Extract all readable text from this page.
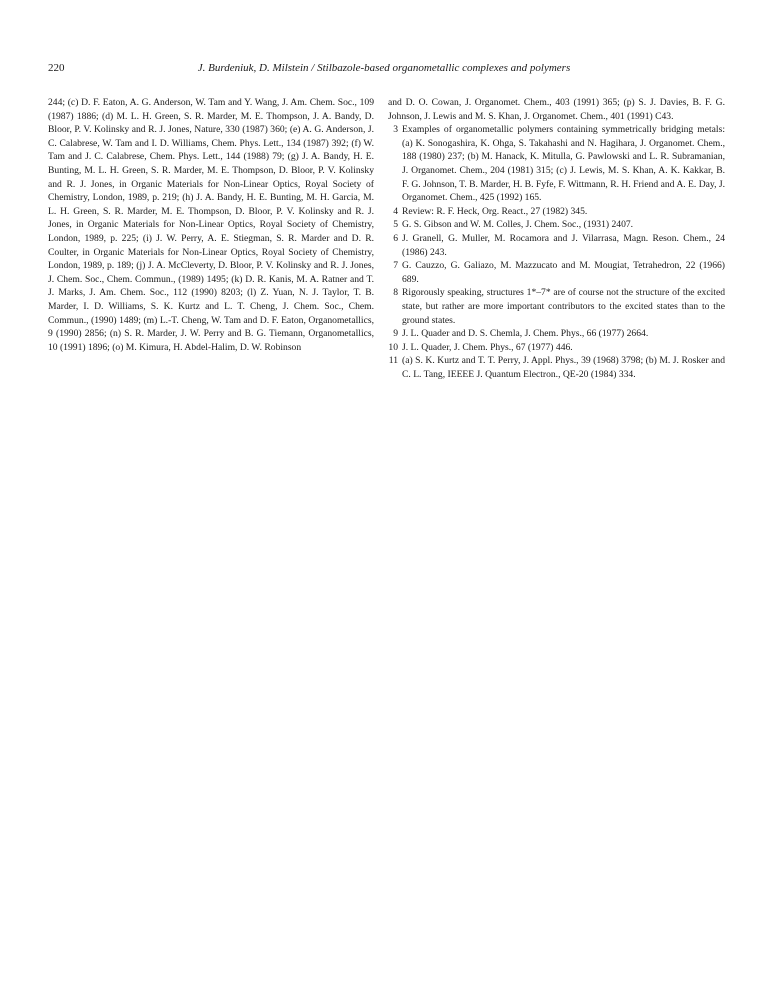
220	J. Burdeniuk, D. Milstein / Stilbazole-based organometallic complexes and polymers
244; (c) D. F. Eaton, A. G. Anderson, W. Tam and Y. Wang, J. Am. Chem. Soc., 109 (1987) 1886; (d) M. L. H. Green, S. R. Marder, M. E. Thompson, J. A. Bandy, D. Bloor, P. V. Kolinsky and R. J. Jones, Nature, 330 (1987) 360; (e) A. G. Anderson, J. C. Calabrese, W. Tam and I. D. Williams, Chem. Phys. Lett., 134 (1987) 392; (f) W. Tam and J. C. Calabrese, Chem. Phys. Lett., 144 (1988) 79; (g) J. A. Bandy, H. E. Bunting, M. L. H. Green, S. R. Marder, M. E. Thompson, D. Bloor, P. V. Kolinsky and R. J. Jones, in Organic Materials for Non-Linear Optics, Royal Society of Chemistry, London, 1989, p. 219; (h) J. A. Bandy, H. E. Bunting, M. H. Garcia, M. L. H. Green, S. R. Marder, M. E. Thompson, D. Bloor, P. V. Kolinsky and R. J. Jones, in Organic Materials for Non-Linear Optics, Royal Society of Chemistry, London, 1989, p. 225; (i) J. W. Perry, A. E. Stiegman, S. R. Marder and D. R. Coulter, in Organic Materials for Non-Linear Optics, Royal Society of Chemistry, London, 1989, p. 189; (j) J. A. McCleverty, D. Bloor, P. V. Kolinsky and R. J. Jones, J. Chem. Soc., Chem. Commun., (1989) 1495; (k) D. R. Kanis, M. A. Ratner and T. J. Marks, J. Am. Chem. Soc., 112 (1990) 8203; (l) Z. Yuan, N. J. Taylor, T. B. Marder, I. D. Williams, S. K. Kurtz and L. T. Cheng, J. Chem. Soc., Chem. Commun., (1990) 1489; (m) L.-T. Cheng, W. Tam and D. F. Eaton, Organometallics, 9 (1990) 2856; (n) S. R. Marder, J. W. Perry and B. G. Tiemann, Organometallics, 10 (1991) 1896; (o) M. Kimura, H. Abdel-Halim, D. W. Robinson
and D. O. Cowan, J. Organomet. Chem., 403 (1991) 365; (p) S. J. Davies, B. F. G. Johnson, J. Lewis and M. S. Khan, J. Organomet. Chem., 401 (1991) C43.
3 Examples of organometallic polymers containing symmetrically bridging metals: (a) K. Sonogashira, K. Ohga, S. Takahashi and N. Hagihara, J. Organomet. Chem., 188 (1980) 237; (b) M. Hanack, K. Mitulla, G. Pawlowski and L. R. Subramanian, J. Organomet. Chem., 204 (1981) 315; (c) J. Lewis, M. S. Khan, A. K. Kakkar, B. F. G. Johnson, T. B. Marder, H. B. Fyfe, F. Wittmann, R. H. Friend and A. E. Day, J. Organomet. Chem., 425 (1992) 165.
4 Review: R. F. Heck, Org. React., 27 (1982) 345.
5 G. S. Gibson and W. M. Colles, J. Chem. Soc., (1931) 2407.
6 J. Granell, G. Muller, M. Rocamora and J. Vilarrasa, Magn. Reson. Chem., 24 (1986) 243.
7 G. Cauzzo, G. Galiazo, M. Mazzucato and M. Mougiat, Tetrahedron, 22 (1966) 689.
8 Rigorously speaking, structures 1*–7* are of course not the structure of the excited state, but rather are more important contributors to the excited states than to the ground states.
9 J. L. Quader and D. S. Chemla, J. Chem. Phys., 66 (1977) 2664.
10 J. L. Quader, J. Chem. Phys., 67 (1977) 446.
11 (a) S. K. Kurtz and T. T. Perry, J. Appl. Phys., 39 (1968) 3798; (b) M. J. Rosker and C. L. Tang, IEEEE J. Quantum Electron., QE-20 (1984) 334.
